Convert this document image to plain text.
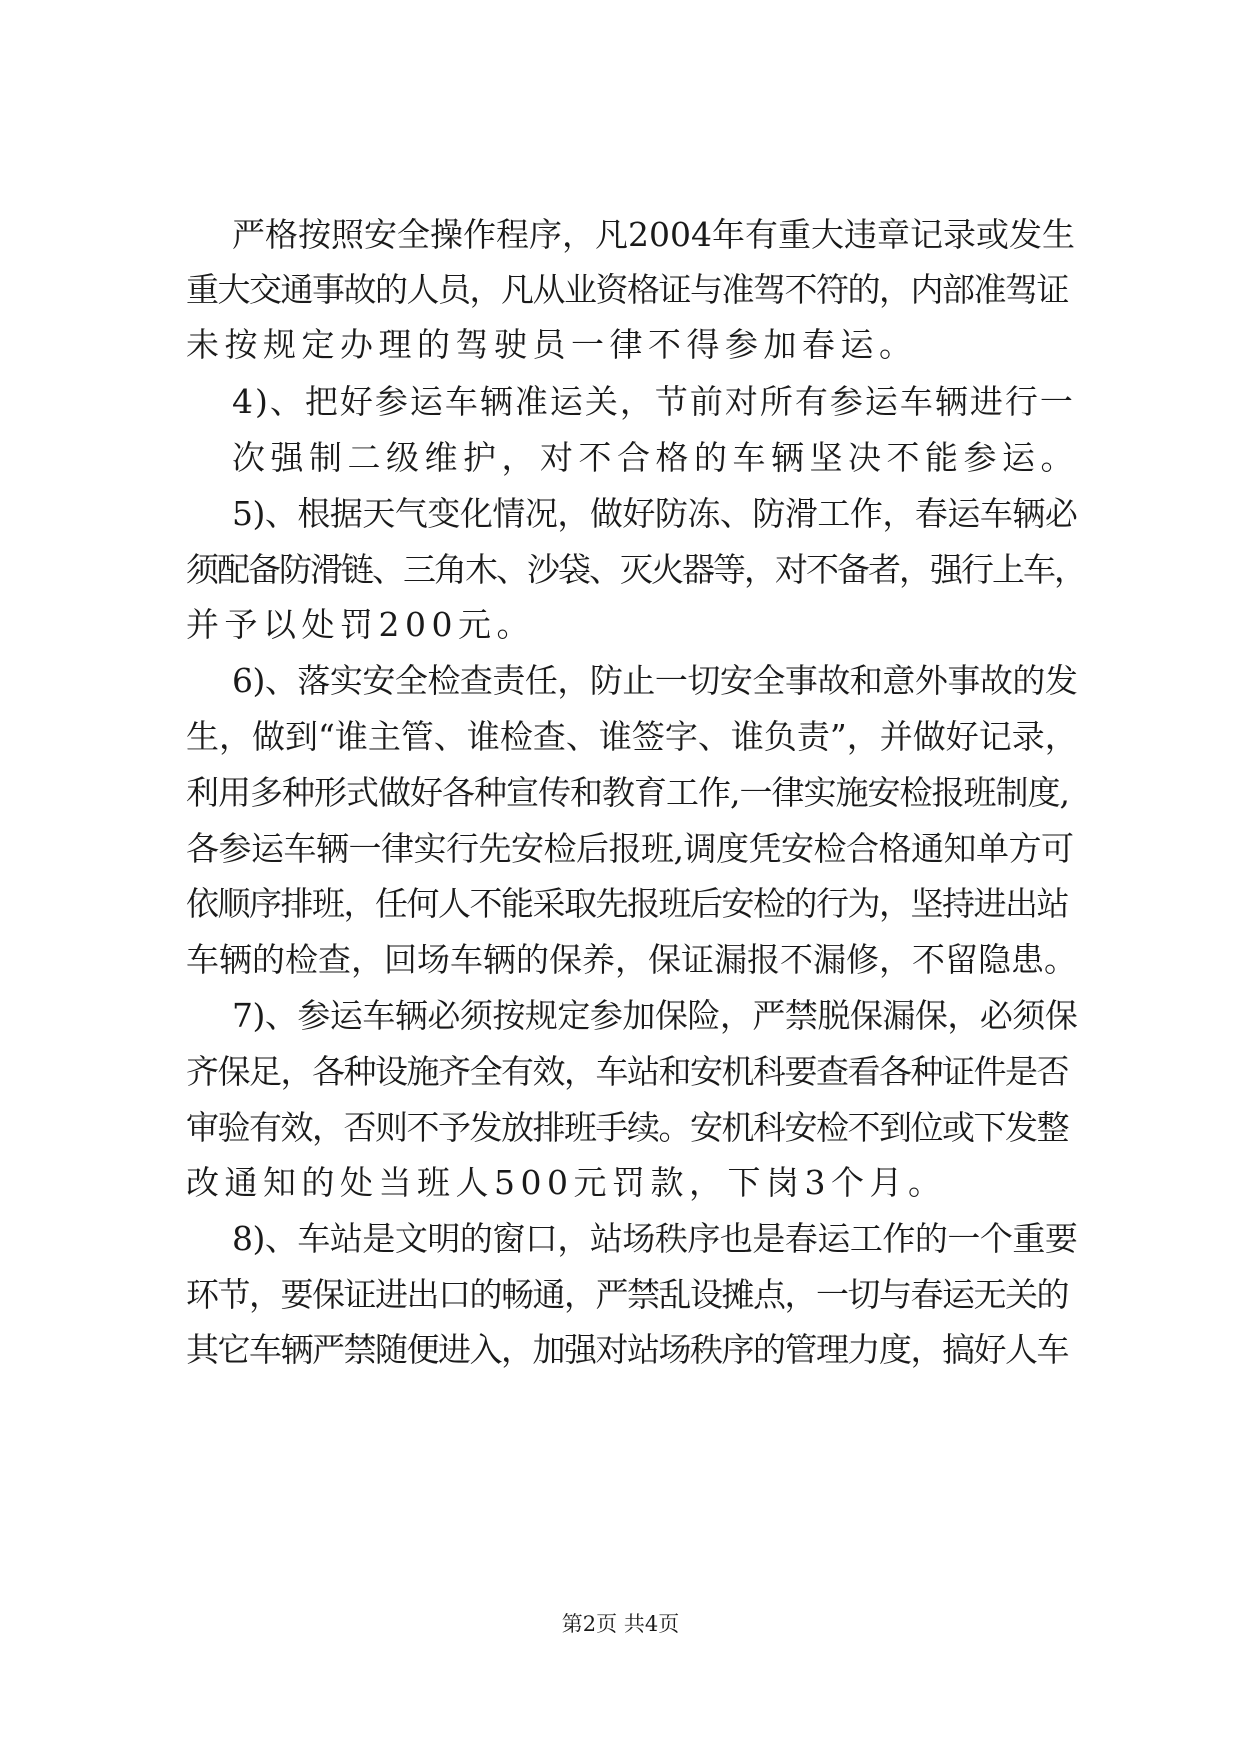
严格按照安全操作程序，凡2004年有重大违章记录或发生
重大交通事故的人员，凡从业资格证与准驾不符的，内部准驾证
未按规定办理的驾驶员一律不得参加春运。
4)、把好参运车辆准运关，节前对所有参运车辆进行一
次强制二级维护，对不合格的车辆坚决不能参运。
5)、根据天气变化情况，做好防冻、防滑工作，春运车辆必
须配备防滑链、三角木、沙袋、灭火器等，对不备者，强行上车，
并予以处罚200元。
6)、落实安全检查责任，防止一切安全事故和意外事故的发
生，做到“谁主管、谁检查、谁签字、谁负责”，并做好记录，
利用多种形式做好各种宣传和教育工作,一律实施安检报班制度,
各参运车辆一律实行先安检后报班,调度凭安检合格通知单方可
依顺序排班，任何人不能采取先报班后安检的行为，坚持进出站
车辆的检查，回场车辆的保养，保证漏报不漏修，不留隐患。
7)、参运车辆必须按规定参加保险，严禁脱保漏保，必须保
齐保足，各种设施齐全有效，车站和安机科要查看各种证件是否
审验有效，否则不予发放排班手续。安机科安检不到位或下发整
改通知的处当班人500元罚款，下岗3个月。
8)、车站是文明的窗口，站场秩序也是春运工作的一个重要
环节，要保证进出口的畅通，严禁乱设摊点，一切与春运无关的
其它车辆严禁随便进入，加强对站场秩序的管理力度，搞好人车
第2页 共4页
